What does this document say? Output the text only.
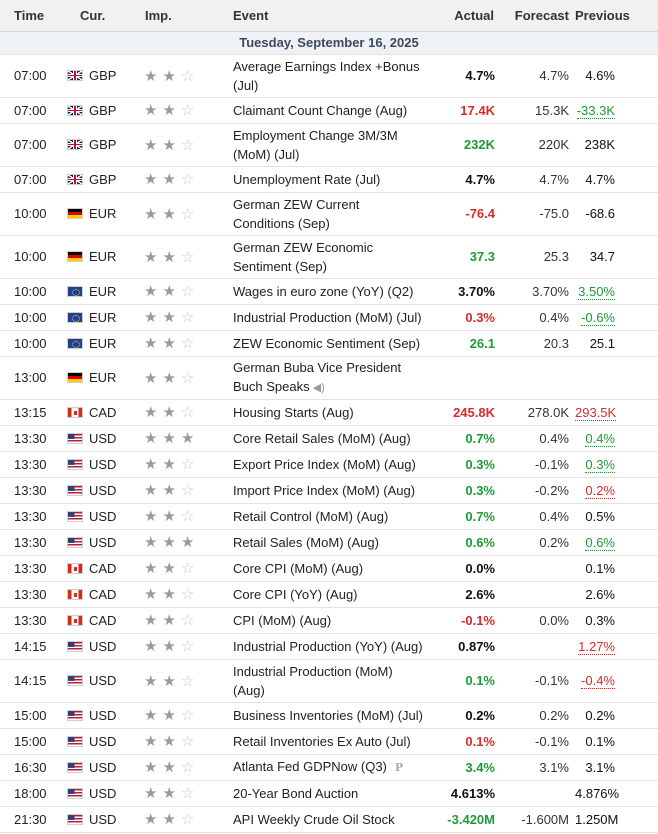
Time	Cur.	Imp.	Event	Actual	Forecast	Previous
Tuesday, September 16, 2025						
07:00	GBP	★ ★ ☆	Average Earnings Index +Bonus (Jul)	4.7%	4.7%	4.6%
07:00	GBP	★ ★ ☆	Claimant Count Change (Aug)	17.4K	15.3K	-33.3K
07:00	GBP	★ ★ ☆	Employment Change 3M/3M (MoM) (Jul)	232K	220K	238K
07:00	GBP	★ ★ ☆	Unemployment Rate (Jul)	4.7%	4.7%	4.7%
10:00	EUR	★ ★ ☆	German ZEW Current Conditions (Sep)	-76.4	-75.0	-68.6
10:00	EUR	★ ★ ☆	German ZEW Economic Sentiment (Sep)	37.3	25.3	34.7
10:00	EUR	★ ★ ☆	Wages in euro zone (YoY) (Q2)	3.70%	3.70%	3.50%
10:00	EUR	★ ★ ☆	Industrial Production (MoM) (Jul)	0.3%	0.4%	-0.6%
10:00	EUR	★ ★ ☆	ZEW Economic Sentiment (Sep)	26.1	20.3	25.1
13:00	EUR	★ ★ ☆	German Buba Vice President Buch Speaks ◀)			
13:15	CAD	★ ★ ☆	Housing Starts (Aug)	245.8K	278.0K	293.5K
13:30	USD	★ ★ ★	Core Retail Sales (MoM) (Aug)	0.7%	0.4%	0.4%
13:30	USD	★ ★ ☆	Export Price Index (MoM) (Aug)	0.3%	-0.1%	0.3%
13:30	USD	★ ★ ☆	Import Price Index (MoM) (Aug)	0.3%	-0.2%	0.2%
13:30	USD	★ ★ ☆	Retail Control (MoM) (Aug)	0.7%	0.4%	0.5%
13:30	USD	★ ★ ★	Retail Sales (MoM) (Aug)	0.6%	0.2%	0.6%
13:30	CAD	★ ★ ☆	Core CPI (MoM) (Aug)	0.0%		0.1%
13:30	CAD	★ ★ ☆	Core CPI (YoY) (Aug)	2.6%		2.6%
13:30	CAD	★ ★ ☆	CPI (MoM) (Aug)	-0.1%	0.0%	0.3%
14:15	USD	★ ★ ☆	Industrial Production (YoY) (Aug)	0.87%		1.27%
14:15	USD	★ ★ ☆	Industrial Production (MoM) (Aug)	0.1%	-0.1%	-0.4%
15:00	USD	★ ★ ☆	Business Inventories (MoM) (Jul)	0.2%	0.2%	0.2%
15:00	USD	★ ★ ☆	Retail Inventories Ex Auto (Jul)	0.1%	-0.1%	0.1%
16:30	USD	★ ★ ☆	Atlanta Fed GDPNow (Q3) P	3.4%	3.1%	3.1%
18:00	USD	★ ★ ☆	20-Year Bond Auction	4.613%		4.876%
21:30	USD	★ ★ ☆	API Weekly Crude Oil Stock	-3.420M	-1.600M	1.250M
